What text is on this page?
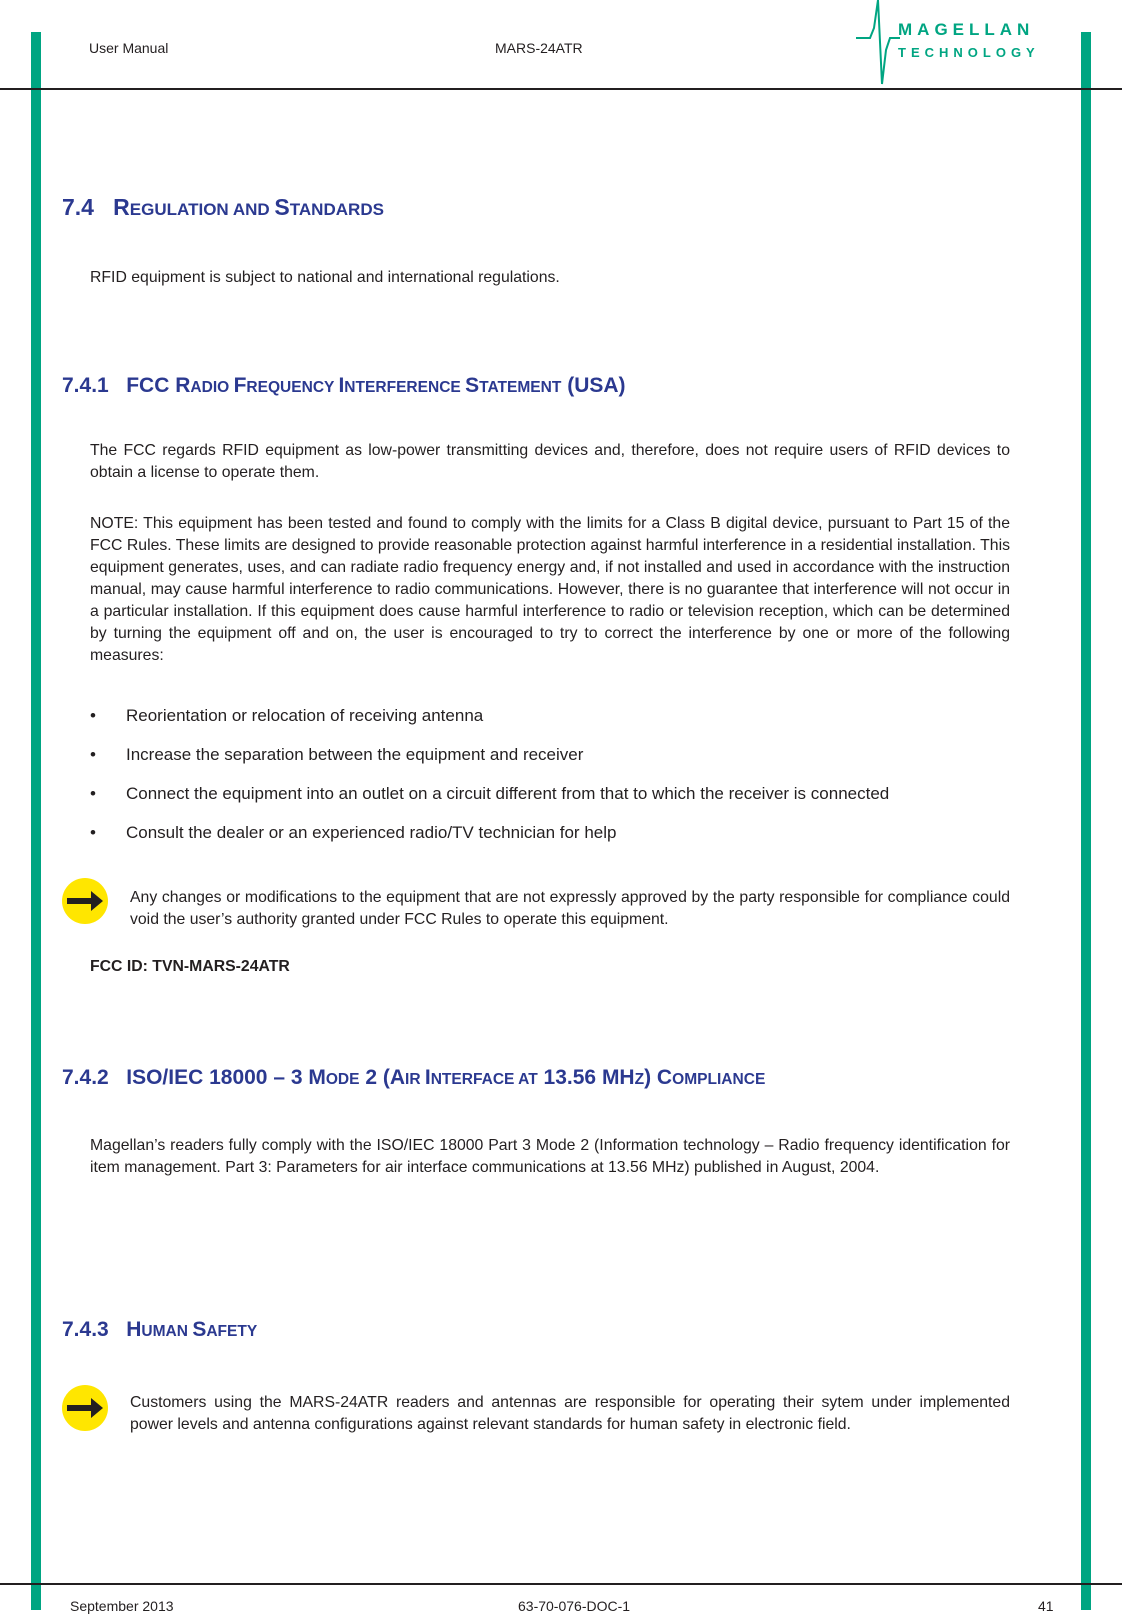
User Manual	MARS-24ATR
MAGELLAN
TECHNOLOGY
7.4 REGULATION AND STANDARDS
RFID equipment is subject to national and international regulations.
7.4.1 FCC RADIO FREQUENCY INTERFERENCE STATEMENT (USA)
The FCC regards RFID equipment as low-power transmitting devices and, therefore, does not require users of RFID devices to obtain a license to operate them.
NOTE: This equipment has been tested and found to comply with the limits for a Class B digital device, pursuant to Part 15 of the FCC Rules. These limits are designed to provide reasonable protection against harmful interference in a residential installation. This equipment generates, uses, and can radiate radio frequency energy and, if not installed and used in accordance with the instruction manual, may cause harmful interference to radio communications. However, there is no guarantee that interference will not occur in a particular installation. If this equipment does cause harmful interference to radio or television reception, which can be determined by turning the equipment off and on, the user is encouraged to try to correct the interference by one or more of the following measures:
• Reorientation or relocation of receiving antenna
• Increase the separation between the equipment and receiver
• Connect the equipment into an outlet on a circuit different from that to which the receiver is connected
• Consult the dealer or an experienced radio/TV technician for help
Any changes or modifications to the equipment that are not expressly approved by the party responsible for compliance could void the user’s authority granted under FCC Rules to operate this equipment.
FCC ID: TVN-MARS-24ATR
7.4.2 ISO/IEC 18000 – 3 MODE 2 (AIR INTERFACE AT 13.56 MHZ) COMPLIANCE
Magellan’s readers fully comply with the ISO/IEC 18000 Part 3 Mode 2 (Information technology – Radio frequency identification for item management. Part 3: Parameters for air interface communications at 13.56 MHz) published in August, 2004.
7.4.3 HUMAN SAFETY
Customers using the MARS-24ATR readers and antennas are responsible for operating their sytem under implemented power levels and antenna configurations against relevant standards for human safety in electronic field.
September 2013	63-70-076-DOC-1	41
